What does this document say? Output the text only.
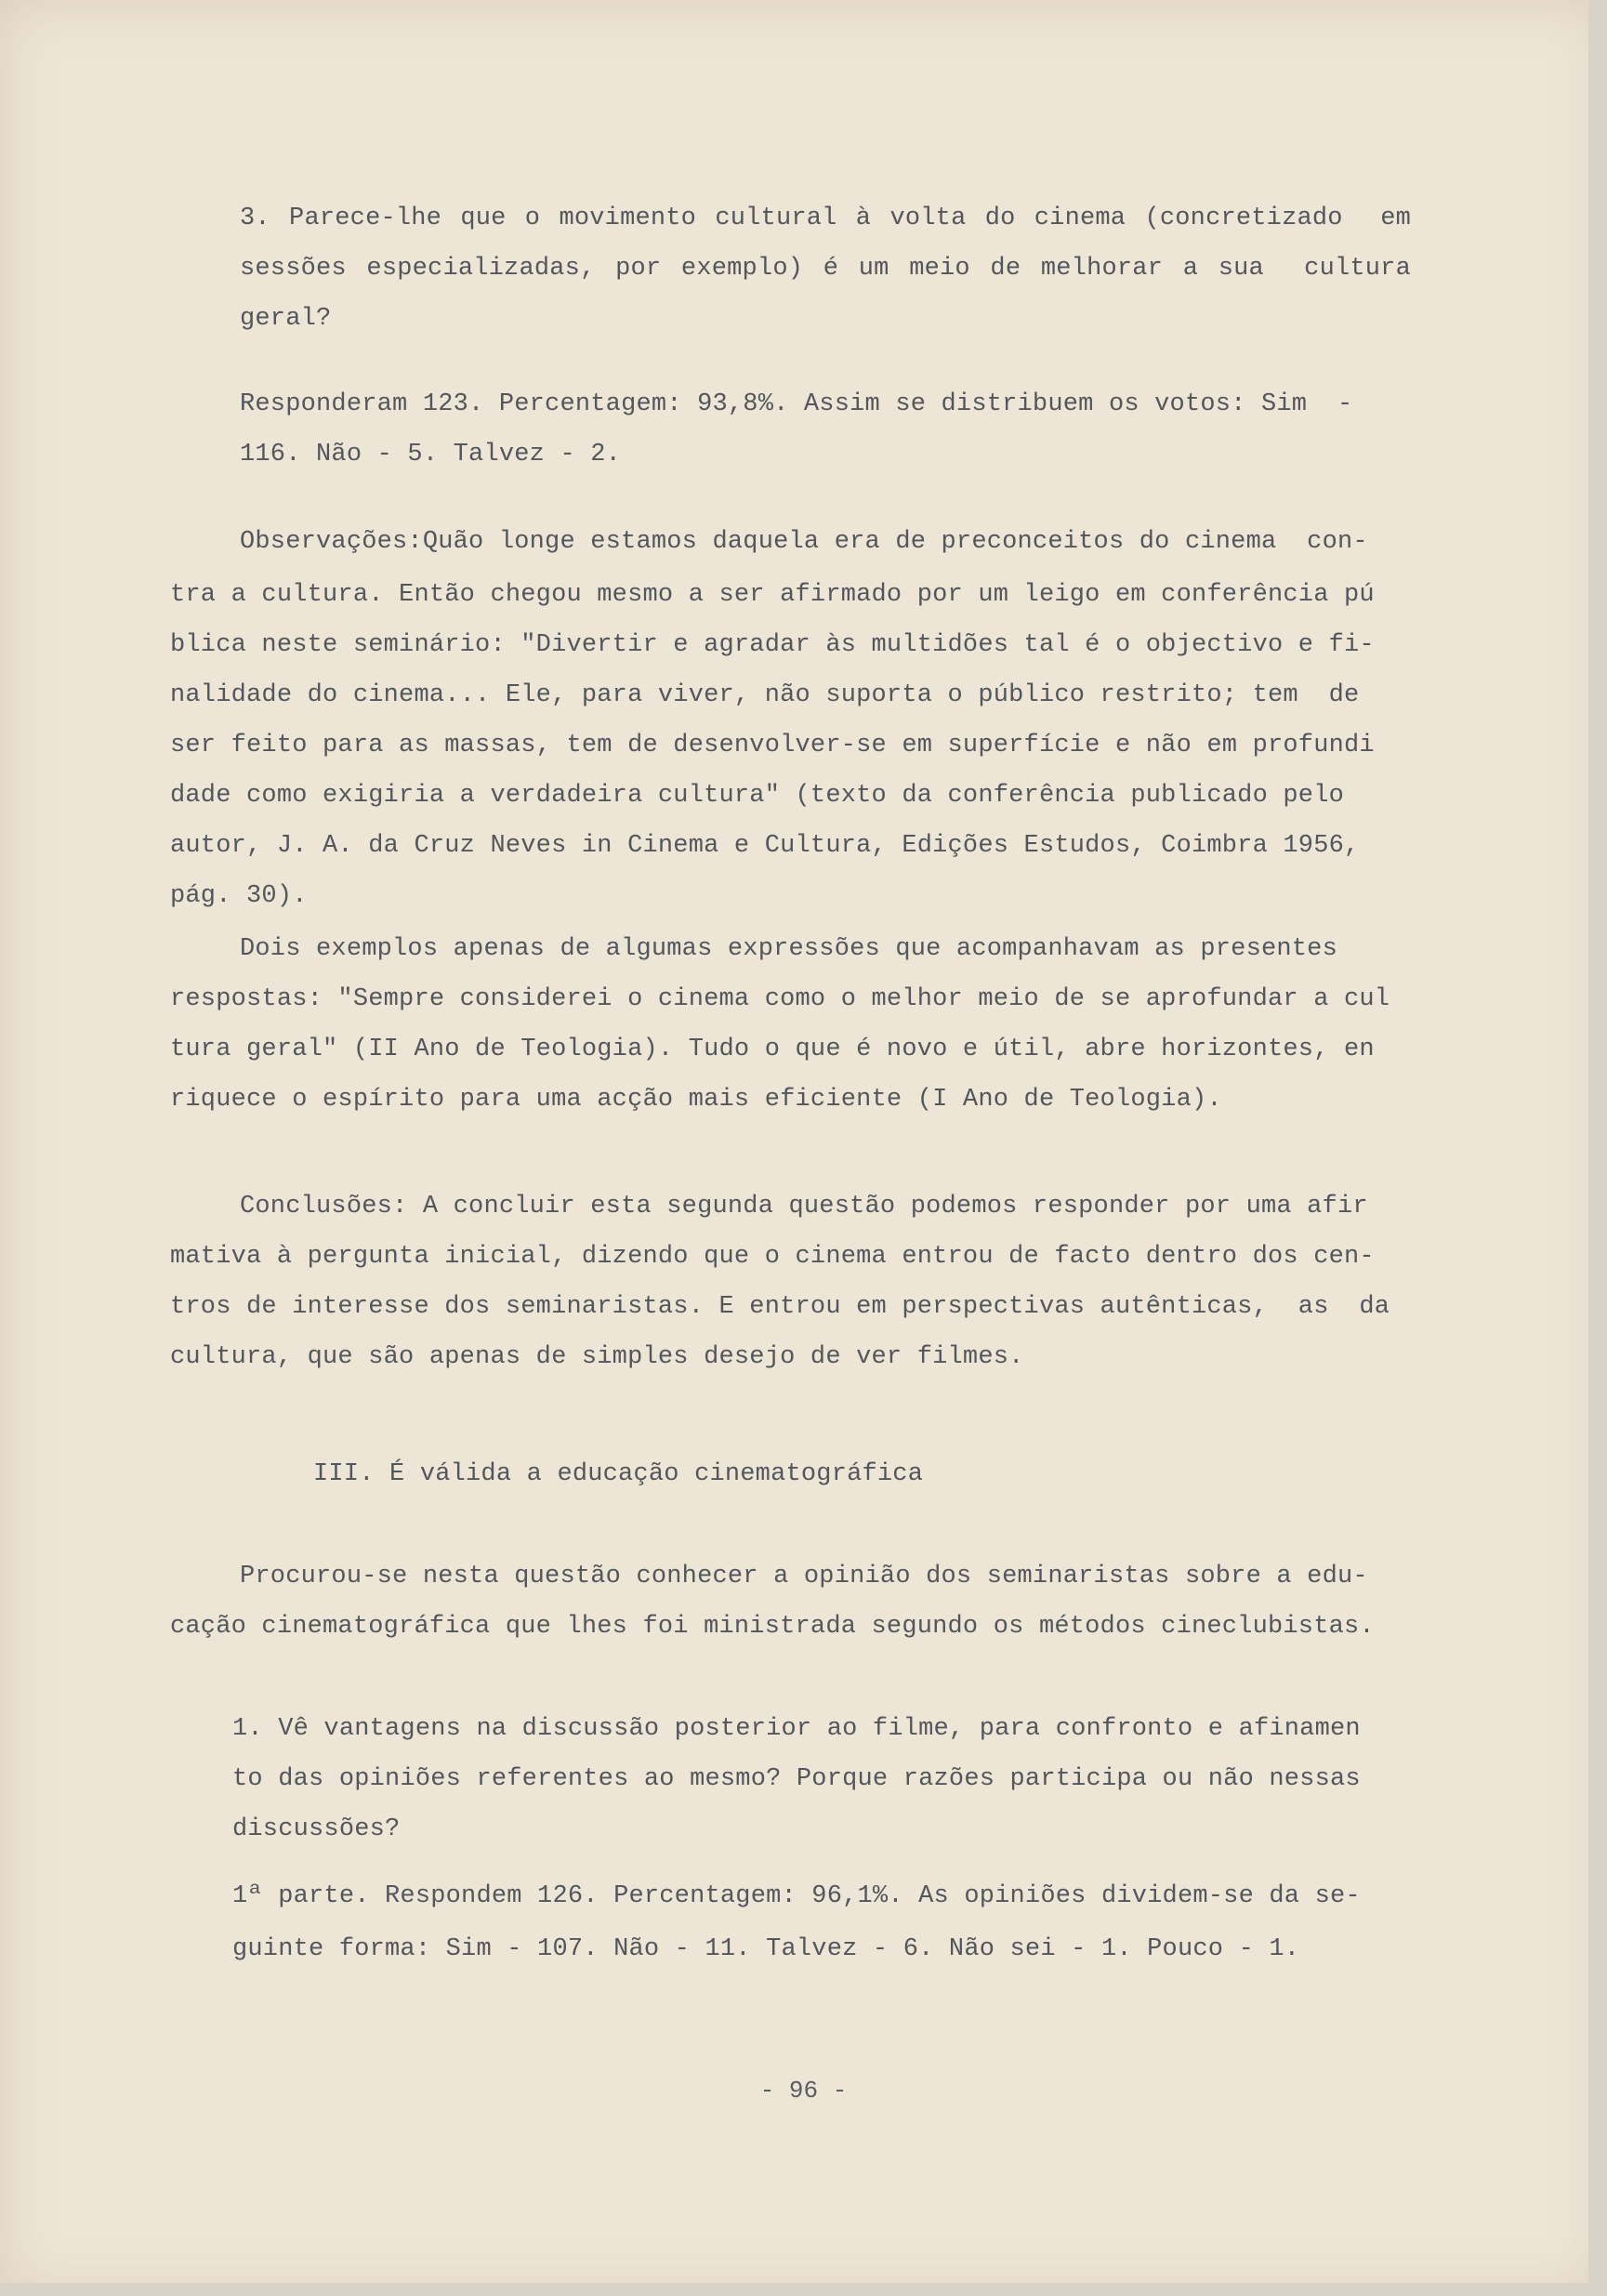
3. Parece-lhe que o movimento cultural à volta do cinema (concretizado  em

sessões especializadas, por exemplo) é um meio de melhorar a sua  cultura

geral?

Responderam 123. Percentagem: 93,8%. Assim se distribuem os votos: Sim  -

116. Não - 5. Talvez - 2.

Observações:Quão longe estamos daquela era de preconceitos do cinema  con-

tra a cultura. Então chegou mesmo a ser afirmado por um leigo em conferência pú

blica neste seminário: "Divertir e agradar às multidões tal é o objectivo e fi-

nalidade do cinema... Ele, para viver, não suporta o público restrito; tem  de

ser feito para as massas, tem de desenvolver-se em superfície e não em profundi

dade como exigiria a verdadeira cultura" (texto da conferência publicado pelo

autor, J. A. da Cruz Neves in Cinema e Cultura, Edições Estudos, Coimbra 1956,

pág. 30).

Dois exemplos apenas de algumas expressões que acompanhavam as presentes

respostas: "Sempre considerei o cinema como o melhor meio de se aprofundar a cul

tura geral" (II Ano de Teologia). Tudo o que é novo e útil, abre horizontes, en

riquece o espírito para uma acção mais eficiente (I Ano de Teologia).

Conclusões: A concluir esta segunda questão podemos responder por uma afir

mativa à pergunta inicial, dizendo que o cinema entrou de facto dentro dos cen-

tros de interesse dos seminaristas. E entrou em perspectivas autênticas,  as  da

cultura, que são apenas de simples desejo de ver filmes.

III. É válida a educação cinematográfica

Procurou-se nesta questão conhecer a opinião dos seminaristas sobre a edu-

cação cinematográfica que lhes foi ministrada segundo os métodos cineclubistas.

1. Vê vantagens na discussão posterior ao filme, para confronto e afinamen

to das opiniões referentes ao mesmo? Porque razões participa ou não nessas

discussões?

1ª parte. Respondem 126. Percentagem: 96,1%. As opiniões dividem-se da se-

guinte forma: Sim - 107. Não - 11. Talvez - 6. Não sei - 1. Pouco - 1.

- 96 -
